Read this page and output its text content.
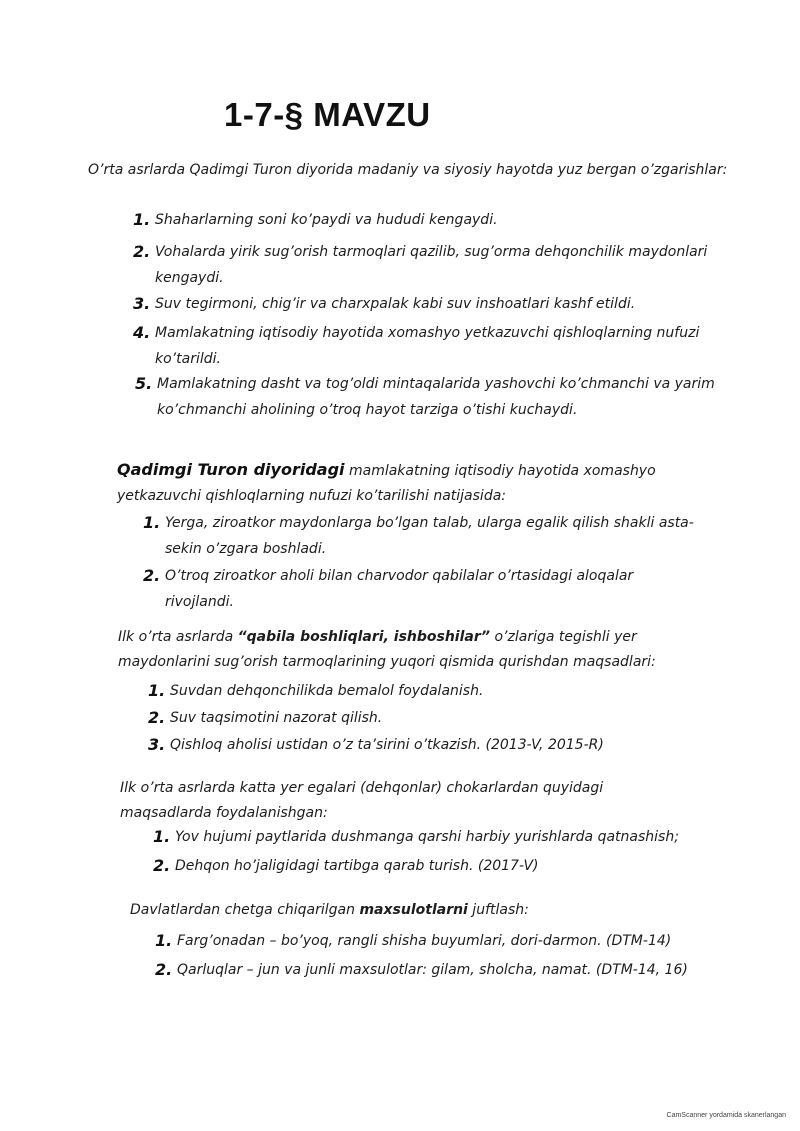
1-7-§ MAVZU

O’rta asrlarda Qadimgi Turon diyorida madaniy va siyosiy hayotda yuz bergan o’zgarishlar:

1. Shaharlarning soni ko’paydi va hududi kengaydi.
2. Vohalarda yirik sug’orish tarmoqlari qazilib, sug’orma dehqonchilik maydonlari kengaydi.
3. Suv tegirmoni, chig’ir va charxpalak kabi suv inshoatlari kashf etildi.
4. Mamlakatning iqtisodiy hayotida xomashyo yetkazuvchi qishloqlarning nufuzi ko’tarildi.
5. Mamlakatning dasht va tog’oldi mintaqalarida yashovchi ko’chmanchi va yarim ko’chmanchi aholining o’troq hayot tarziga o’tishi kuchaydi.

Qadimgi Turon diyoridagi mamlakatning iqtisodiy hayotida xomashyo yetkazuvchi qishloqlarning nufuzi ko’tarilishi natijasida:

1. Yerga, ziroatkor maydonlarga bo’lgan talab, ularga egalik qilish shakli asta-sekin o’zgara boshladi.
2. O’troq ziroatkor aholi bilan charvodor qabilalar o’rtasidagi aloqalar rivojlandi.

Ilk o’rta asrlarda “qabila boshliqlari, ishboshilar” o’zlariga tegishli yer maydonlarini sug’orish tarmoqlarining yuqori qismida qurishdan maqsadlari:

1. Suvdan dehqonchilikda bemalol foydalanish.
2. Suv taqsimotini nazorat qilish.
3. Qishloq aholisi ustidan o’z ta’sirini o’tkazish. (2013-V, 2015-R)

Ilk o’rta asrlarda katta yer egalari (dehqonlar) chokarlardan quyidagi maqsadlarda foydalanishgan:

1. Yov hujumi paytlarida dushmanga qarshi harbiy yurishlarda qatnashish;
2. Dehqon ho’jaligidagi tartibga qarab turish. (2017-V)

Davlatlardan chetga chiqarilgan maxsulotlarni juftlash:

1. Farg’onadan – bo’yoq, rangli shisha buyumlari, dori-darmon. (DTM-14)
2. Qarluqlar – jun va junli maxsulotlar: gilam, sholcha, namat. (DTM-14, 16)
CamScanner yordamida skanerlangan
